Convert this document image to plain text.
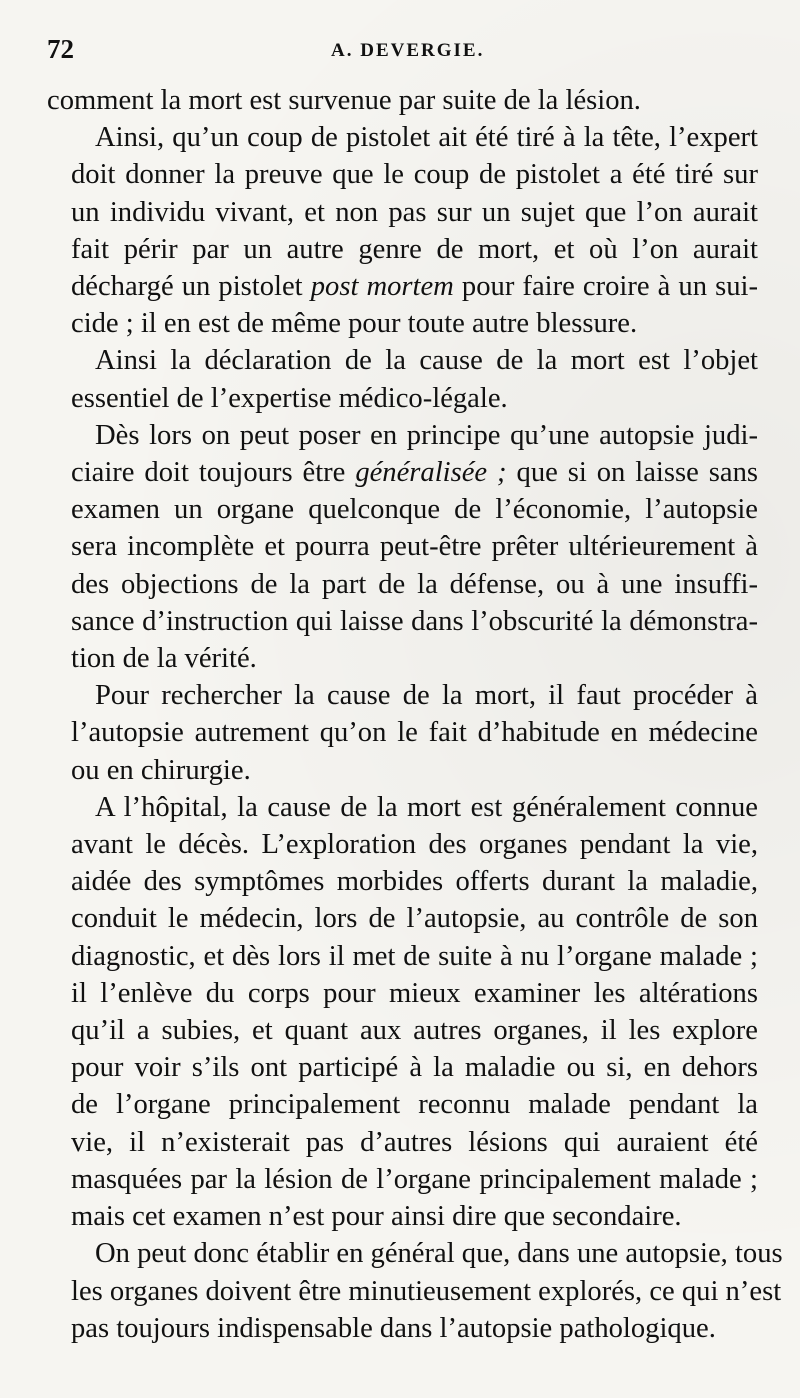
72	A. DEVERGIE.
comment la mort est survenue par suite de la lésion.
Ainsi, qu’un coup de pistolet ait été tiré à la tête, l’expert
doit donner la preuve que le coup de pistolet a été tiré sur
un individu vivant, et non pas sur un sujet que l’on aurait
fait périr par un autre genre de mort, et où l’on aurait
déchargé un pistolet post mortem pour faire croire à un sui-
cide ; il en est de même pour toute autre blessure.
Ainsi la déclaration de la cause de la mort est l’objet
essentiel de l’expertise médico-légale.
Dès lors on peut poser en principe qu’une autopsie judi-
ciaire doit toujours être généralisée ; que si on laisse sans
examen un organe quelconque de l’économie, l’autopsie
sera incomplète et pourra peut-être prêter ultérieurement à
des objections de la part de la défense, ou à une insuffi-
sance d’instruction qui laisse dans l’obscurité la démonstra-
tion de la vérité.
Pour rechercher la cause de la mort, il faut procéder à
l’autopsie autrement qu’on le fait d’habitude en médecine
ou en chirurgie.
A l’hôpital, la cause de la mort est généralement connue
avant le décès. L’exploration des organes pendant la vie,
aidée des symptômes morbides offerts durant la maladie,
conduit le médecin, lors de l’autopsie, au contrôle de son
diagnostic, et dès lors il met de suite à nu l’organe malade ;
il l’enlève du corps pour mieux examiner les altérations
qu’il a subies, et quant aux autres organes, il les explore
pour voir s’ils ont participé à la maladie ou si, en dehors
de l’organe principalement reconnu malade pendant la
vie, il n’existerait pas d’autres lésions qui auraient été
masquées par la lésion de l’organe principalement malade ;
mais cet examen n’est pour ainsi dire que secondaire.
On peut donc établir en général que, dans une autopsie, tous
les organes doivent être minutieusement explorés, ce qui n’est
pas toujours indispensable dans l’autopsie pathologique.
